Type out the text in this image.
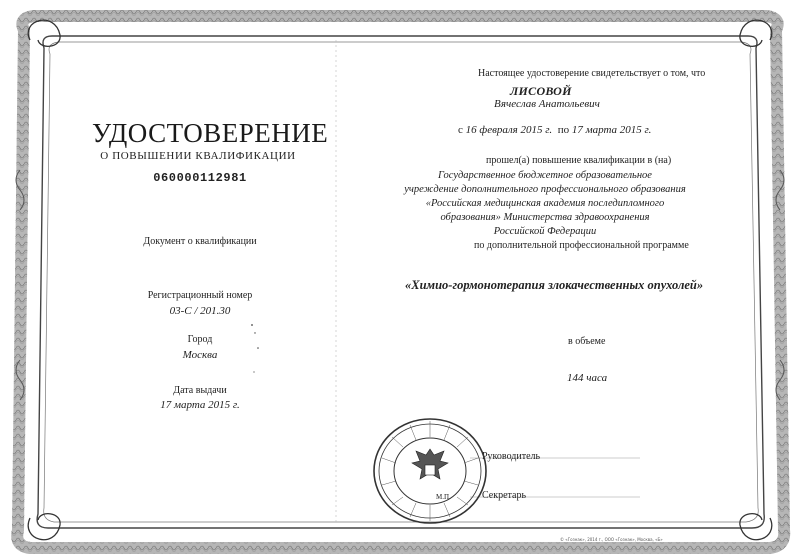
УДОСТОВЕРЕНИЕ
О ПОВЫШЕНИИ КВАЛИФИКАЦИИ
060000112981
Документ о квалификации
Регистрационный номер
03-С / 201.30
Город
Москва
Дата выдачи
17 марта 2015 г.
Настоящее удостоверение свидетельствует о том, что
ЛИСОВОЙ
Вячеслав Анатольевич
с 16 февраля 2015 г. по 17 марта 2015 г.
прошел(а) повышение квалификации в (на)
Государственное бюджетное образовательное
учреждение дополнительного профессионального образования
«Российская медицинская академия последипломного
образования» Министерства здравоохранения
Российской Федерации
по дополнительной профессиональной программе
«Химио-гормонотерапия злокачественных опухолей»
в объеме
144 часа
Руководитель
Секретарь
М.П.
© «Гознак», 2014 г., ООО «Гознак», Москва, «Б»
